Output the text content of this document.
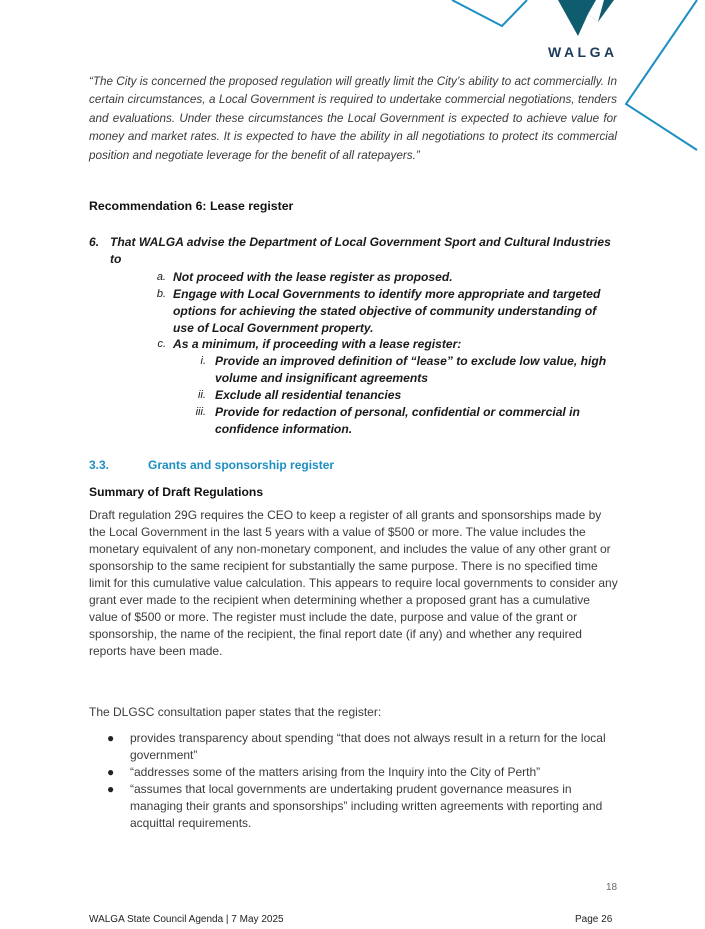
WALGA
“The City is concerned the proposed regulation will greatly limit the City’s ability to act commercially. In certain circumstances, a Local Government is required to undertake commercial negotiations, tenders and evaluations. Under these circumstances the Local Government is expected to achieve value for money and market rates. It is expected to have the ability in all negotiations to protect its commercial position and negotiate leverage for the benefit of all ratepayers.”
Recommendation 6: Lease register
6. That WALGA advise the Department of Local Government Sport and Cultural Industries to
a. Not proceed with the lease register as proposed.
b. Engage with Local Governments to identify more appropriate and targeted options for achieving the stated objective of community understanding of use of Local Government property.
c. As a minimum, if proceeding with a lease register:
i. Provide an improved definition of “lease” to exclude low value, high volume and insignificant agreements
ii. Exclude all residential tenancies
iii. Provide for redaction of personal, confidential or commercial in confidence information.
3.3.	Grants and sponsorship register
Summary of Draft Regulations
Draft regulation 29G requires the CEO to keep a register of all grants and sponsorships made by the Local Government in the last 5 years with a value of $500 or more. The value includes the monetary equivalent of any non-monetary component, and includes the value of any other grant or sponsorship to the same recipient for substantially the same purpose. There is no specified time limit for this cumulative value calculation. This appears to require local governments to consider any grant ever made to the recipient when determining whether a proposed grant has a cumulative value of $500 or more. The register must include the date, purpose and value of the grant or sponsorship, the name of the recipient, the final report date (if any) and whether any required reports have been made.
The DLGSC consultation paper states that the register:
● provides transparency about spending “that does not always result in a return for the local government”
● “addresses some of the matters arising from the Inquiry into the City of Perth”
● “assumes that local governments are undertaking prudent governance measures in managing their grants and sponsorships” including written agreements with reporting and acquittal requirements.
18
WALGA State Council Agenda | 7 May 2025	Page 26
